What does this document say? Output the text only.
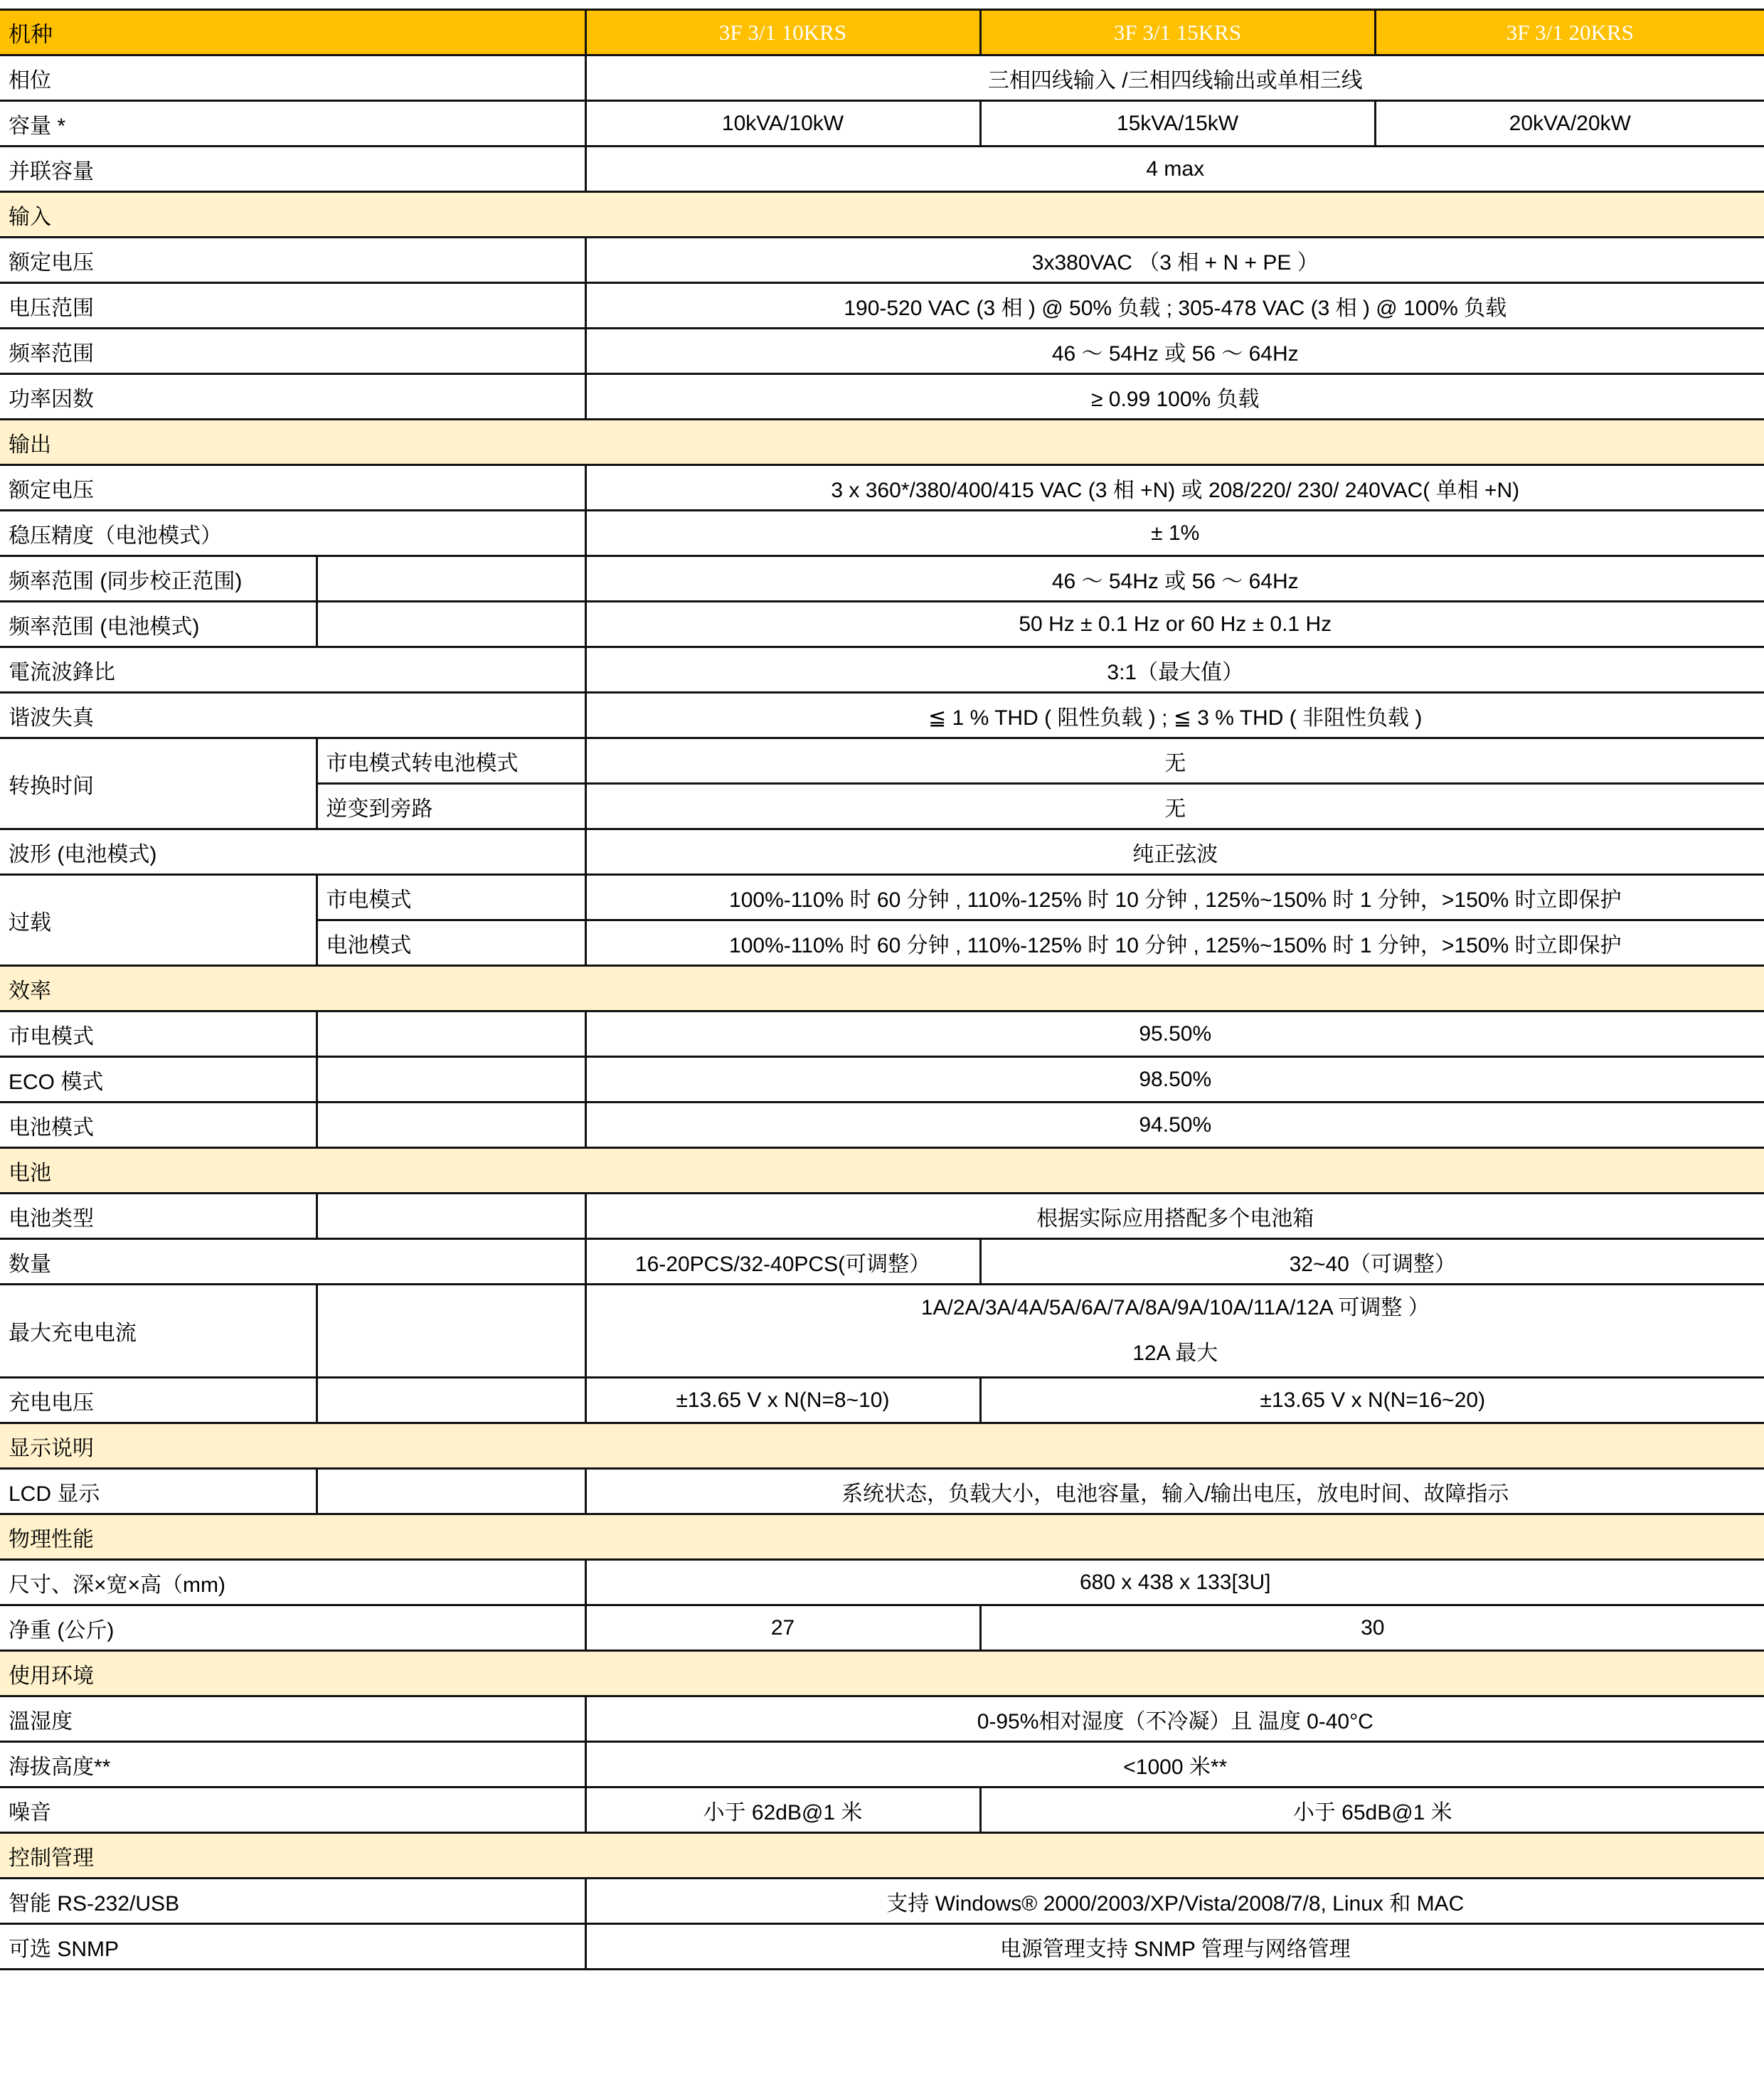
机种		3F 3/1 10KRS	3F 3/1 15KRS	3F 3/1 20KRS
相位		三相四线输入 /三相四线输出或单相三线		
容量 *		10kVA/10kW	15kVA/15kW	20kVA/20kW
并联容量		4 max		
输入				
额定电压		3x380VAC （3 相 + N + PE ）		
电压范围		190-520 VAC (3 相 ) @ 50% 负载 ; 305-478 VAC (3 相 ) @ 100% 负载		
频率范围		46 ～ 54Hz 或 56 ～ 64Hz		
功率因数		≥ 0.99 100% 负载		
输出				
额定电压		3 x 360*/380/400/415 VAC (3 相 +N) 或 208/220/ 230/ 240VAC( 单相 +N)		
稳压精度（电池模式）		± 1%		
频率范围 (同步校正范围)		46 ～ 54Hz 或 56 ～ 64Hz		
频率范围 (电池模式)		50 Hz ± 0.1 Hz or 60 Hz ± 0.1 Hz		
電流波鋒比		3:1（最大值）		
谐波失真		≦ 1 % THD ( 阻性负载 ) ; ≦ 3 % THD ( 非阻性负载 )		
转换时间	市电模式转电池模式	无		
	逆变到旁路	无		
波形 (电池模式)		纯正弦波		
过载	市电模式	100%-110% 时 60 分钟 , 110%-125% 时 10 分钟 , 125%~150% 时 1 分钟，>150% 时立即保护		
	电池模式	100%-110% 时 60 分钟 , 110%-125% 时 10 分钟 , 125%~150% 时 1 分钟，>150% 时立即保护		
效率				
市电模式		95.50%		
ECO 模式		98.50%		
电池模式		94.50%		
电池				
电池类型		根据实际应用搭配多个电池箱		
数量		16-20PCS/32-40PCS(可调整）	32~40（可调整）	
最大充电电流		1A/2A/3A/4A/5A/6A/7A/8A/9A/10A/11A/12A 可调整 ）
12A 最大		

充电电压		±13.65 V x N(N=8~10)	±13.65 V x N(N=16~20)	
显示说明				
LCD 显示		系统状态，负载大小，电池容量，输入/输出电压，放电时间、故障指示		
物理性能				
尺寸、深×宽×高（mm)		680 x 438 x 133[3U]		
净重 (公斤)		27	30	
使用环境				
溫湿度		0-95%相对湿度（不冷凝）且 温度 0-40°C		
海拔高度**		<1000 米**		
噪音		小于 62dB@1 米	小于 65dB@1 米	
控制管理				
智能 RS-232/USB		支持 Windows® 2000/2003/XP/Vista/2008/7/8, Linux 和 MAC		
可选 SNMP		电源管理支持 SNMP 管理与网络管理		
